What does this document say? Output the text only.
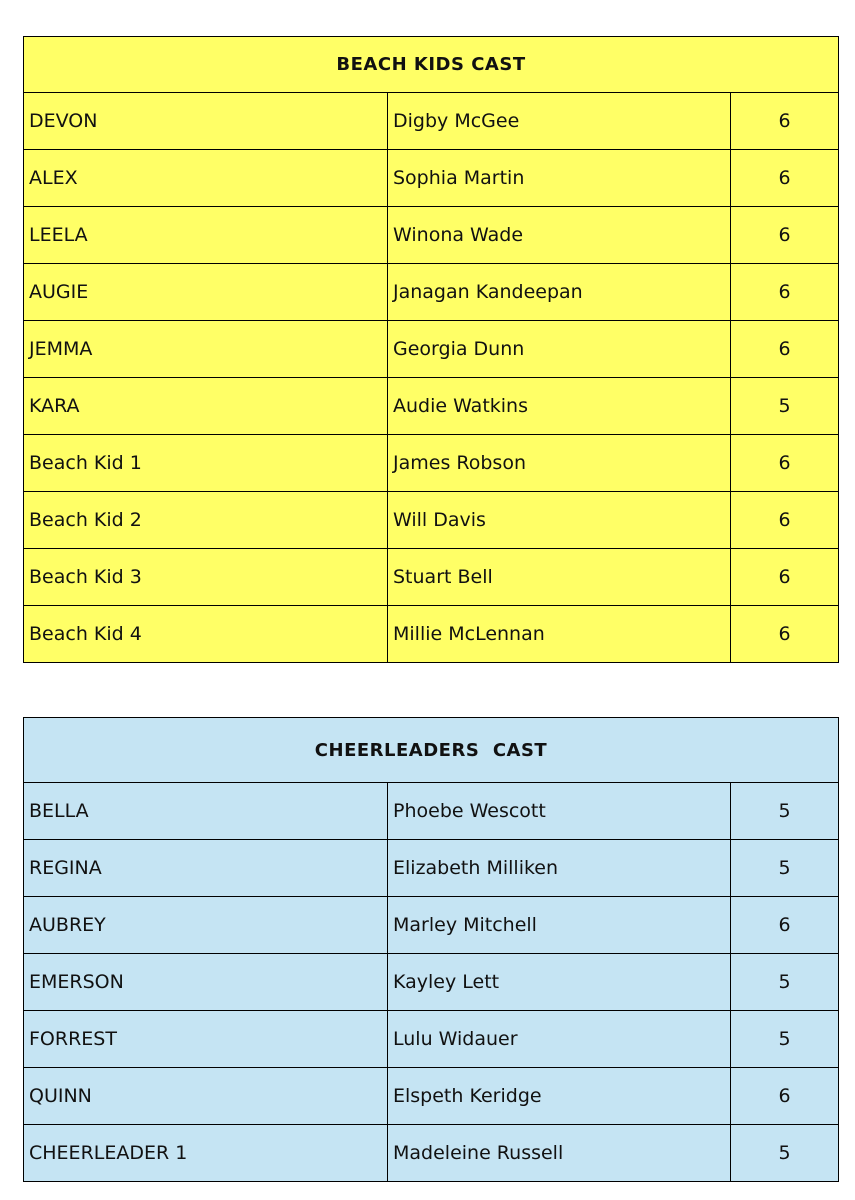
BEACH KIDS CAST		
DEVON	Digby McGee	6
ALEX	Sophia Martin	6
LEELA	Winona Wade	6
AUGIE	Janagan Kandeepan	6
JEMMA	Georgia Dunn	6
KARA	Audie Watkins	5
Beach Kid 1	James Robson	6
Beach Kid 2	Will Davis	6
Beach Kid 3	Stuart Bell	6
Beach Kid 4	Millie McLennan	6
CHEERLEADERS  CAST		
BELLA	Phoebe Wescott	5
REGINA	Elizabeth Milliken	5
AUBREY	Marley Mitchell	6
EMERSON	Kayley Lett	5
FORREST	Lulu Widauer	5
QUINN	Elspeth Keridge	6
CHEERLEADER 1	Madeleine Russell	5
